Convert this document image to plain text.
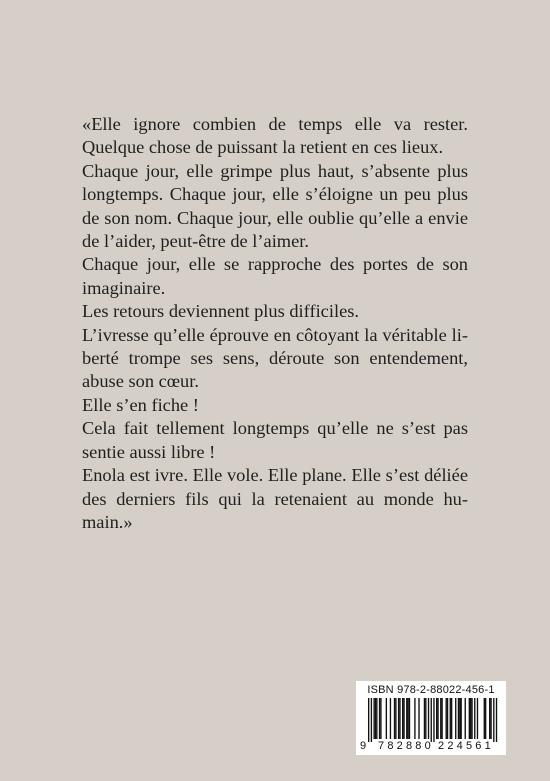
«Elle ignore combien de temps elle va rester. Quelque chose de puissant la retient en ces lieux.

Chaque jour, elle grimpe plus haut, s’absente plus longtemps. Chaque jour, elle s’éloigne un peu plus de son nom. Chaque jour, elle oublie qu’elle a envie de l’aider, peut-être de l’aimer.

Chaque jour, elle se rapproche des portes de son imaginaire.

Les retours deviennent plus difficiles.

L’ivresse qu’elle éprouve en côtoyant la véritable liberté trompe ses sens, déroute son entendement, abuse son cœur.

Elle s’en fiche !

Cela fait tellement longtemps qu’elle ne s’est pas sentie aussi libre !

Enola est ivre. Elle vole. Elle plane. Elle s’est déliée des derniers fils qui la retenaient au monde humain.»

ISBN 978-2-88022-456-1
9 782880 224561
